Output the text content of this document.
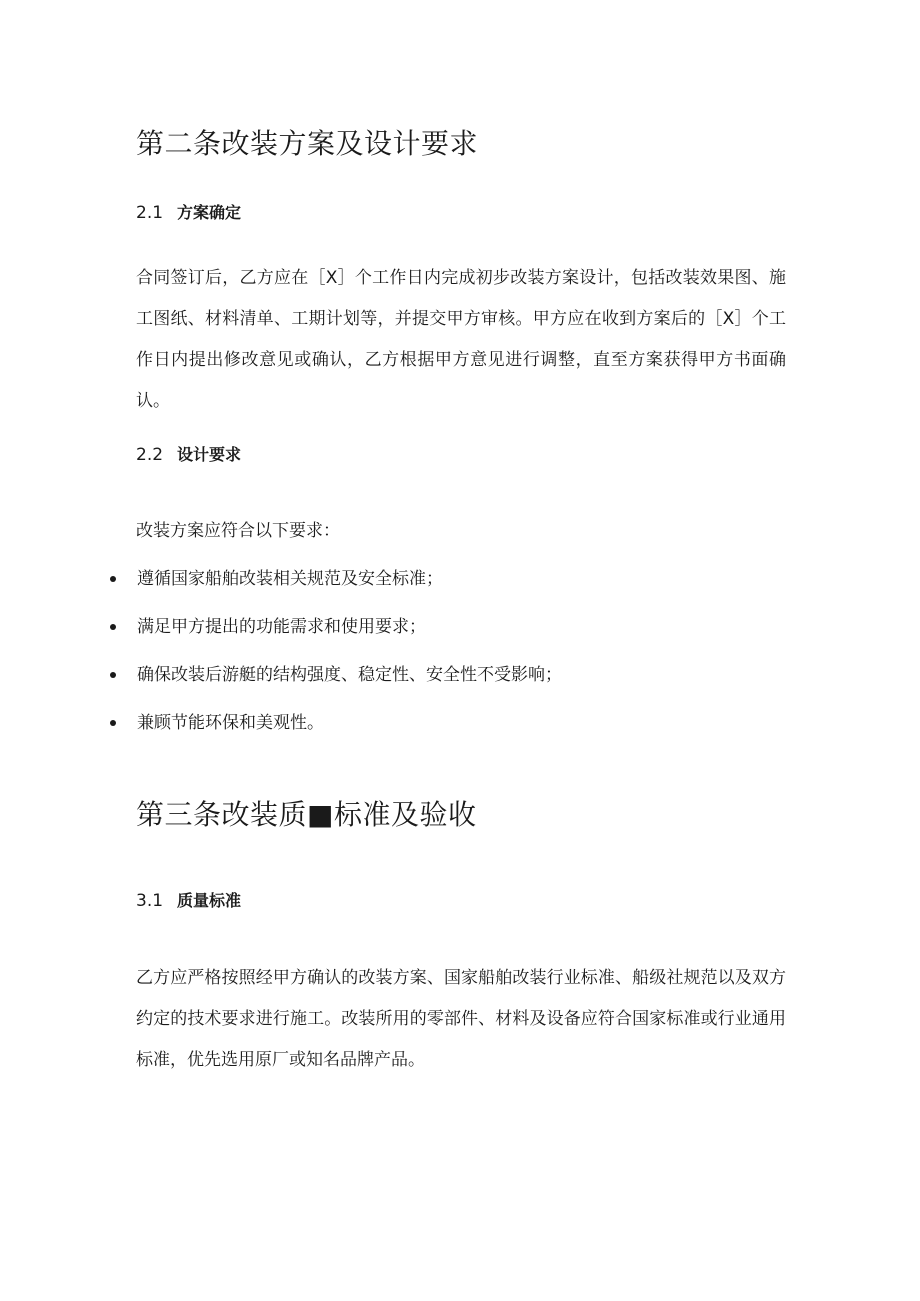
第二条改装方案及设计要求
2.1 方案确定
合同签订后，乙方应在［X］个工作日内完成初步改装方案设计，包括改装效果图、施工图纸、材料清单、工期计划等，并提交甲方审核。甲方应在收到方案后的［X］个工作日内提出修改意见或确认，乙方根据甲方意见进行调整，直至方案获得甲方书面确认。
2.2 设计要求
改装方案应符合以下要求：
遵循国家船舶改装相关规范及安全标准；
满足甲方提出的功能需求和使用要求；
确保改装后游艇的结构强度、稳定性、安全性不受影响；
兼顾节能环保和美观性。
第三条改装质■标准及验收
3.1 质量标准
乙方应严格按照经甲方确认的改装方案、国家船舶改装行业标准、船级社规范以及双方约定的技术要求进行施工。改装所用的零部件、材料及设备应符合国家标准或行业通用标准，优先选用原厂或知名品牌产品。
